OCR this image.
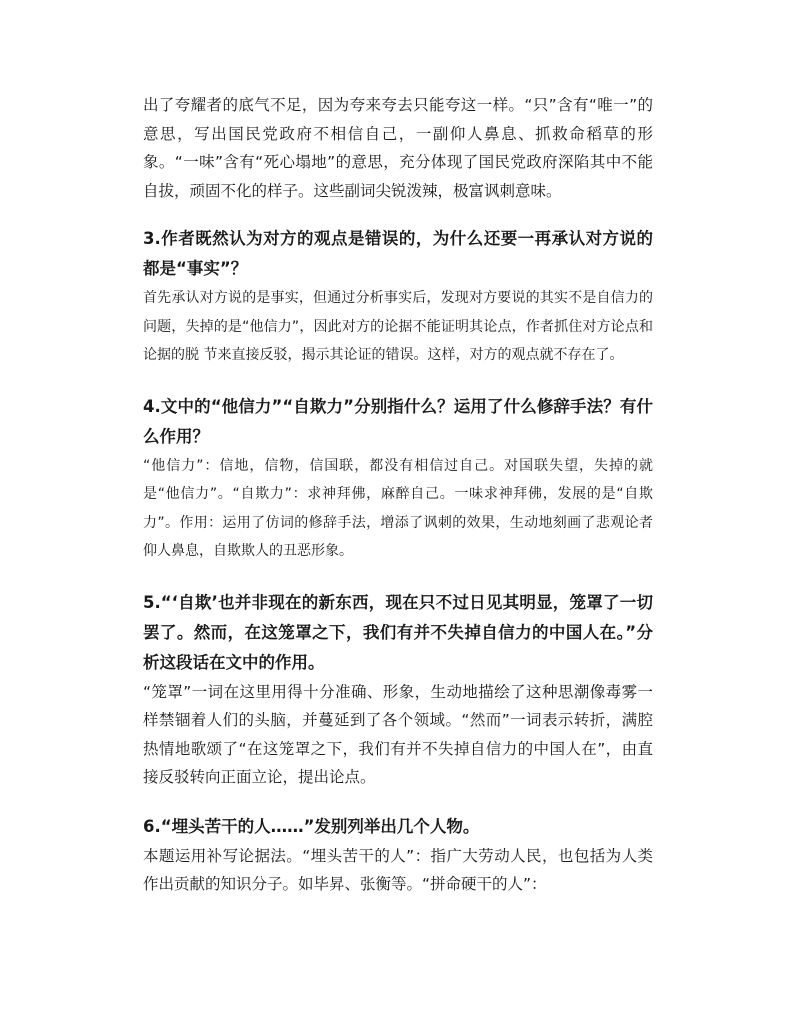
出了夸耀者的底气不足，因为夸来夸去只能夸这一样。“只”含有“唯一”的意思，写出国民党政府不相信自己，一副仰人鼻息、抓救命稻草的形象。“一味”含有“死心塌地”的意思，充分体现了国民党政府深陷其中不能自拔，顽固不化的样子。这些副词尖锐泼辣，极富讽刺意味。

3.作者既然认为对方的观点是错误的，为什么还要一再承认对方说的都是“事实”？

首先承认对方说的是事实，但通过分析事实后，发现对方要说的其实不是自信力的问题，失掉的是“他信力”，因此对方的论据不能证明其论点，作者抓住对方论点和论据的脱 节来直接反驳，揭示其论证的错误。这样，对方的观点就不存在了。

4.文中的“他信力”“自欺力”分别指什么？运用了什么修辞手法？有什么作用？

“他信力”：信地，信物，信国联，都没有相信过自己。对国联失望，失掉的就是“他信力”。“自欺力”：求神拜佛，麻醉自己。一味求神拜佛，发展的是“自欺力”。作用：运用了仿词的修辞手法，增添了讽刺的效果，生动地刻画了悲观论者仰人鼻息，自欺欺人的丑恶形象。

5.“‘自欺’也并非现在的新东西，现在只不过日见其明显，笼罩了一切罢了。然而，在这笼罩之下，我们有并不失掉自信力的中国人在。”分析这段话在文中的作用。

“笼罩”一词在这里用得十分准确、形象，生动地描绘了这种思潮像毒雾一样禁锢着人们的头脑，并蔓延到了各个领域。“然而”一词表示转折，满腔热情地歌颂了“在这笼罩之下，我们有并不失掉自信力的中国人在”，由直接反驳转向正面立论，提出论点。

6.“埋头苦干的人……”发别列举出几个人物。

本题运用补写论据法。“埋头苦干的人”：指广大劳动人民，也包括为人类作出贡献的知识分子。如毕昇、张衡等。“拼命硬干的人”：
